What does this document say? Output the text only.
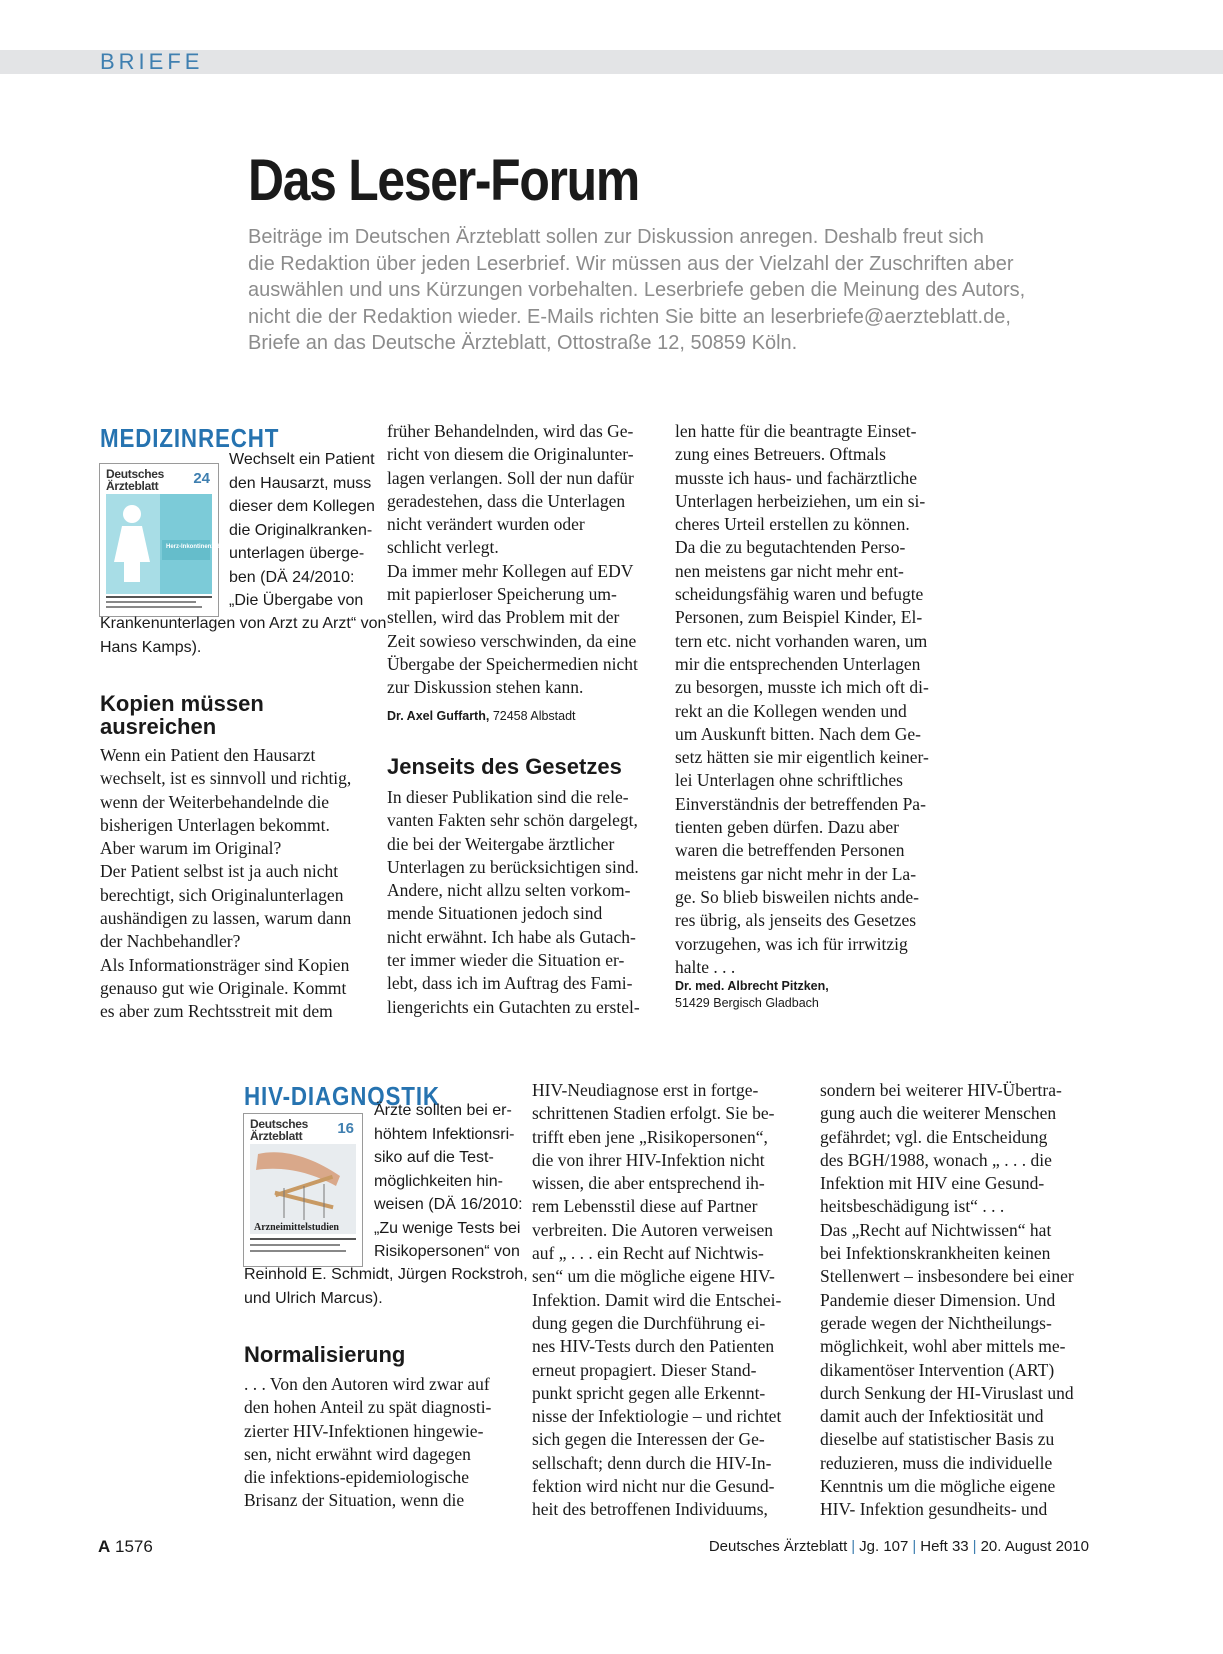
BRIEFE
Das Leser-Forum
Beiträge im Deutschen Ärzteblatt sollen zur Diskussion anregen. Deshalb freut sich
die Redaktion über jeden Leserbrief. Wir müssen aus der Vielzahl der Zuschriften aber
auswählen und uns Kürzungen vorbehalten. Leserbriefe geben die Meinung des Autors,
nicht die der Redaktion wieder. E-Mails richten Sie bitte an leserbriefe@aerzteblatt.de,
Briefe an das Deutsche Ärzteblatt, Ottostraße 12, 50859 Köln.
MEDIZINRECHT
Deutsches
Ärzteblatt	24
Herz-Inkontinenz der Frau
Wechselt ein Patient
den Hausarzt, muss
dieser dem Kollegen
die Originalkranken-
unterlagen überge-
ben (DÄ 24/2010:
„Die Übergabe von
Krankenunterlagen von Arzt zu Arzt“ von
Hans Kamps).
Kopien müssen
ausreichen
Wenn ein Patient den Hausarzt
wechselt, ist es sinnvoll und richtig,
wenn der Weiterbehandelnde die
bisherigen Unterlagen bekommt.
Aber warum im Original?
Der Patient selbst ist ja auch nicht
berechtigt, sich Originalunterlagen
aushändigen zu lassen, warum dann
der Nachbehandler?
Als Informationsträger sind Kopien
genauso gut wie Originale. Kommt
es aber zum Rechtsstreit mit dem
früher Behandelnden, wird das Ge-
richt von diesem die Originalunter-
lagen verlangen. Soll der nun dafür
geradestehen, dass die Unterlagen
nicht verändert wurden oder
schlicht verlegt.
Da immer mehr Kollegen auf EDV
mit papierloser Speicherung um-
stellen, wird das Problem mit der
Zeit sowieso verschwinden, da eine
Übergabe der Speichermedien nicht
zur Diskussion stehen kann.
Dr. Axel Guffarth, 72458 Albstadt
Jenseits des Gesetzes
In dieser Publikation sind die rele-
vanten Fakten sehr schön dargelegt,
die bei der Weitergabe ärztlicher
Unterlagen zu berücksichtigen sind.
Andere, nicht allzu selten vorkom-
mende Situationen jedoch sind
nicht erwähnt. Ich habe als Gutach-
ter immer wieder die Situation er-
lebt, dass ich im Auftrag des Fami-
liengerichts ein Gutachten zu erstel-
len hatte für die beantragte Einset-
zung eines Betreuers. Oftmals
musste ich haus- und fachärztliche
Unterlagen herbeiziehen, um ein si-
cheres Urteil erstellen zu können.
Da die zu begutachtenden Perso-
nen meistens gar nicht mehr ent-
scheidungsfähig waren und befugte
Personen, zum Beispiel Kinder, El-
tern etc. nicht vorhanden waren, um
mir die entsprechenden Unterlagen
zu besorgen, musste ich mich oft di-
rekt an die Kollegen wenden und
um Auskunft bitten. Nach dem Ge-
setz hätten sie mir eigentlich keiner-
lei Unterlagen ohne schriftliches
Einverständnis der betreffenden Pa-
tienten geben dürfen. Dazu aber
waren die betreffenden Personen
meistens gar nicht mehr in der La-
ge. So blieb bisweilen nichts ande-
res übrig, als jenseits des Gesetzes
vorzugehen, was ich für irrwitzig
halte . . .
Dr. med. Albrecht Pitzken,
51429 Bergisch Gladbach
HIV-DIAGNOSTIK
Deutsches
Ärzteblatt	16
Arzneimittelstudien
Ärzte sollten bei er-
höhtem Infektionsri-
siko auf die Test-
möglichkeiten hin-
weisen (DÄ 16/2010:
„Zu wenige Tests bei
Risikopersonen“ von
Reinhold E. Schmidt, Jürgen Rockstroh,
und Ulrich Marcus).
Normalisierung
. . . Von den Autoren wird zwar auf
den hohen Anteil zu spät diagnosti-
zierter HIV-Infektionen hingewie-
sen, nicht erwähnt wird dagegen
die infektions-epidemiologische
Brisanz der Situation, wenn die
HIV-Neudiagnose erst in fortge-
schrittenen Stadien erfolgt. Sie be-
trifft eben jene „Risikopersonen“,
die von ihrer HIV-Infektion nicht
wissen, die aber entsprechend ih-
rem Lebensstil diese auf Partner
verbreiten. Die Autoren verweisen
auf „ . . . ein Recht auf Nichtwis-
sen“ um die mögliche eigene HIV-
Infektion. Damit wird die Entschei-
dung gegen die Durchführung ei-
nes HIV-Tests durch den Patienten
erneut propagiert. Dieser Stand-
punkt spricht gegen alle Erkennt-
nisse der Infektiologie – und richtet
sich gegen die Interessen der Ge-
sellschaft; denn durch die HIV-In-
fektion wird nicht nur die Gesund-
heit des betroffenen Individuums,
sondern bei weiterer HIV-Übertra-
gung auch die weiterer Menschen
gefährdet; vgl. die Entscheidung
des BGH/1988, wonach „ . . . die
Infektion mit HIV eine Gesund-
heitsbeschädigung ist“ . . .
Das „Recht auf Nichtwissen“ hat
bei Infektionskrankheiten keinen
Stellenwert – insbesondere bei einer
Pandemie dieser Dimension. Und
gerade wegen der Nichtheilungs-
möglichkeit, wohl aber mittels me-
dikamentöser Intervention (ART)
durch Senkung der HI-Viruslast und
damit auch der Infektiosität und
dieselbe auf statistischer Basis zu
reduzieren, muss die individuelle
Kenntnis um die mögliche eigene
HIV- Infektion gesundheits- und
A 1576	Deutsches Ärzteblatt | Jg. 107 | Heft 33 | 20. August 2010
